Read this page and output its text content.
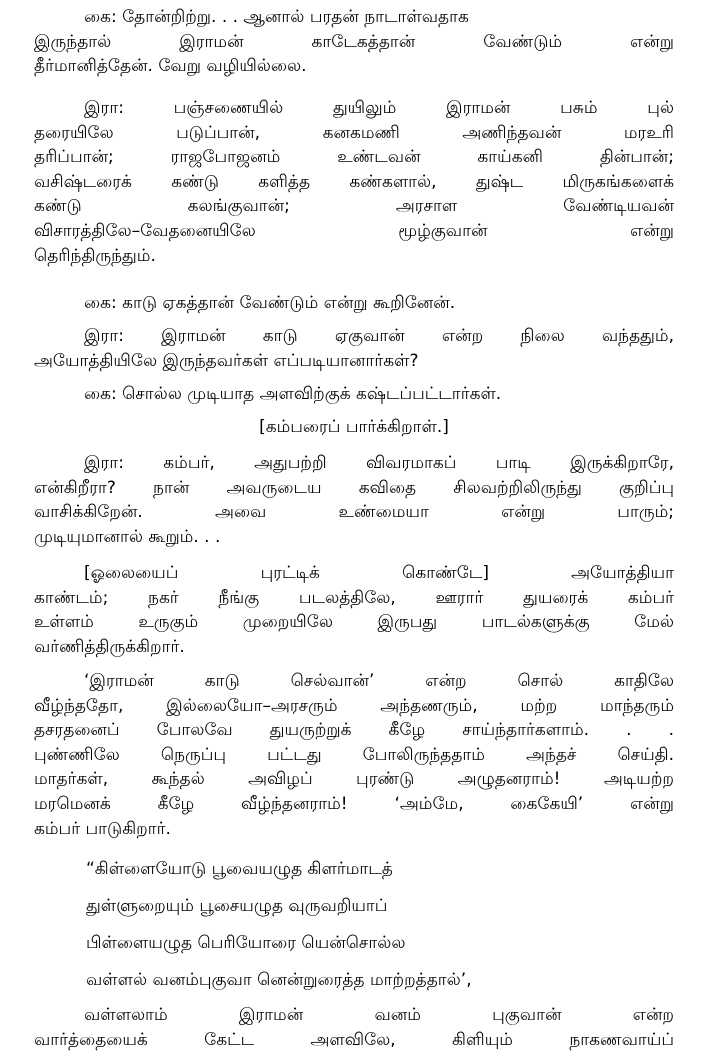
கை: தோன்றிற்று. . . ஆனால் பரதன் நாடாள்வதாக
இருந்தால் இராமன் காடேகத்தான் வேண்டும் என்று
தீர்மானித்தேன். வேறு வழியில்லை.
இரா: பஞ்சணையில் துயிலும் இராமன் பசும் புல்
தரையிலே படுப்பான், கனகமணி அணிந்தவன் மரஉரி
தரிப்பான்; ராஜபோஜனம் உண்டவன் காய்கனி தின்பான்;
வசிஷ்டரைக் கண்டு களித்த கண்களால், துஷ்ட மிருகங்களைக்
கண்டு கலங்குவான்; அரசாள வேண்டியவன்
விசாரத்திலே–வேதனையிலே மூழ்குவான் என்று
தெரிந்திருந்தும்.
கை: காடு ஏகத்தான் வேண்டும் என்று கூறினேன்.
இரா: இராமன் காடு ஏகுவான் என்ற நிலை வந்ததும்,
அயோத்தியிலே இருந்தவர்கள் எப்படியானார்கள்?
கை: சொல்ல முடியாத அளவிற்குக் கஷ்டப்பட்டார்கள்.
[கம்பரைப் பார்க்கிறாள்.]
இரா: கம்பர், அதுபற்றி விவரமாகப் பாடி இருக்கிறாரே,
என்கிறீரா? நான் அவருடைய கவிதை சிலவற்றிலிருந்து குறிப்பு
வாசிக்கிறேன். அவை உண்மையா என்று பாரும்;
முடியுமானால் கூறும். . .
[ஓலையைப் புரட்டிக் கொண்டே] அயோத்தியா
காண்டம்; நகர் நீங்கு படலத்திலே, ஊரார் துயரைக் கம்பர்
உள்ளம் உருகும் முறையிலே இருபது பாடல்களுக்கு மேல்
வர்ணித்திருக்கிறார்.
‘இராமன் காடு செல்வான்’ என்ற சொல் காதிலே
வீழ்ந்ததோ, இல்லையோ–அரசரும் அந்தணரும், மற்ற மாந்தரும்
தசரதனைப் போலவே துயருற்றுக் கீழே சாய்ந்தார்களாம். . .
புண்ணிலே நெருப்பு பட்டது போலிருந்ததாம் அந்தச் செய்தி.
மாதர்கள், கூந்தல் அவிழப் புரண்டு அழுதனராம்! அடியற்ற
மரமெனக் கீழே வீழ்ந்தனராம்! ‘அம்மே, கைகேயி’ என்று
கம்பர் பாடுகிறார்.
“கிள்ளையோடு பூவையழுத கிளர்மாடத்
துள்ளுறையும் பூசையழுத வுருவறியாப்
பிள்ளையழுத பெரியோரை யென்சொல்ல
வள்ளல் வனம்புகுவா னென்றுரைத்த மாற்றத்தால்’,
வள்ளலாம் இராமன் வனம் புகுவான் என்ற
வார்த்தையைக் கேட்ட அளவிலே, கிளியும் நாகணவாய்ப்
